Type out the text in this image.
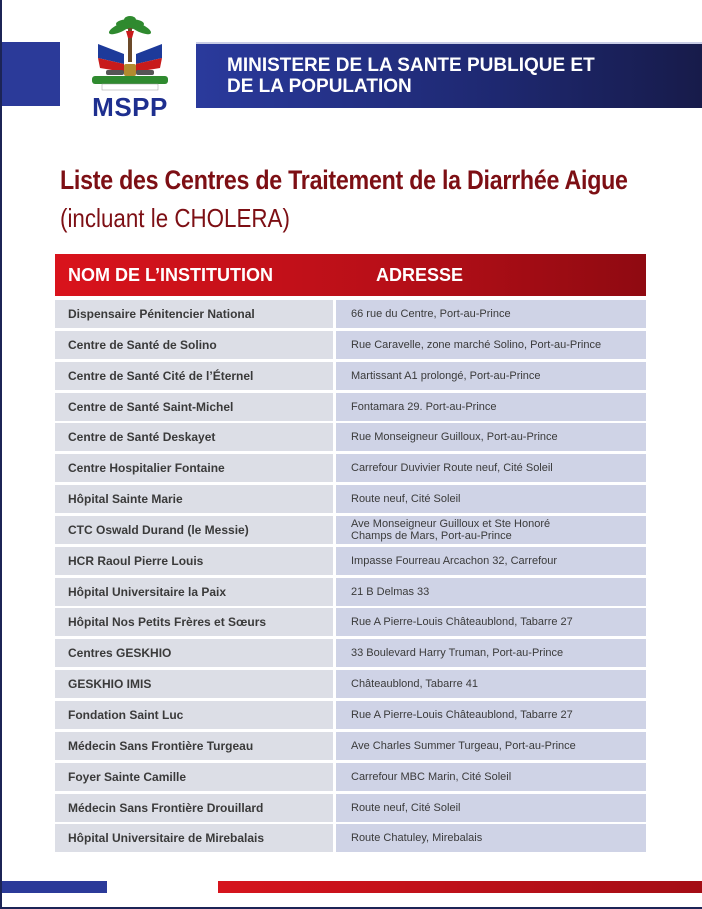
MSPP

MINISTERE DE LA SANTE PUBLIQUE ET
DE LA POPULATION

Liste des Centres de Traitement de la Diarrhée Aigue
(incluant le CHOLERA)
NOM DE L’INSTITUTION	ADRESSE
Dispensaire Pénitencier National	66 rue du Centre, Port-au-Prince
Centre de Santé de Solino	Rue Caravelle, zone marché Solino, Port-au-Prince
Centre de Santé Cité de l’Éternel	Martissant A1 prolongé, Port-au-Prince
Centre de Santé Saint-Michel	Fontamara 29. Port-au-Prince
Centre de Santé Deskayet	Rue Monseigneur Guilloux, Port-au-Prince
Centre Hospitalier Fontaine	Carrefour Duvivier Route neuf, Cité Soleil
Hôpital Sainte Marie	Route neuf, Cité Soleil
CTC Oswald Durand (le Messie)	Ave Monseigneur Guilloux et Ste Honoré
Champs de Mars, Port-au-Prince
HCR Raoul Pierre Louis	Impasse Fourreau Arcachon 32, Carrefour
Hôpital Universitaire la Paix	21 B Delmas 33
Hôpital Nos Petits Frères et Sœurs	Rue A Pierre-Louis Châteaublond, Tabarre 27
Centres GESKHIO	33 Boulevard Harry Truman, Port-au-Prince
GESKHIO IMIS	Châteaublond, Tabarre 41
Fondation Saint Luc	Rue A Pierre-Louis Châteaublond, Tabarre 27
Médecin Sans Frontière Turgeau	Ave Charles Summer Turgeau, Port-au-Prince
Foyer Sainte Camille	Carrefour MBC Marin, Cité Soleil
Médecin Sans Frontière Drouillard	Route neuf, Cité Soleil
Hôpital Universitaire de Mirebalais	Route Chatuley, Mirebalais
